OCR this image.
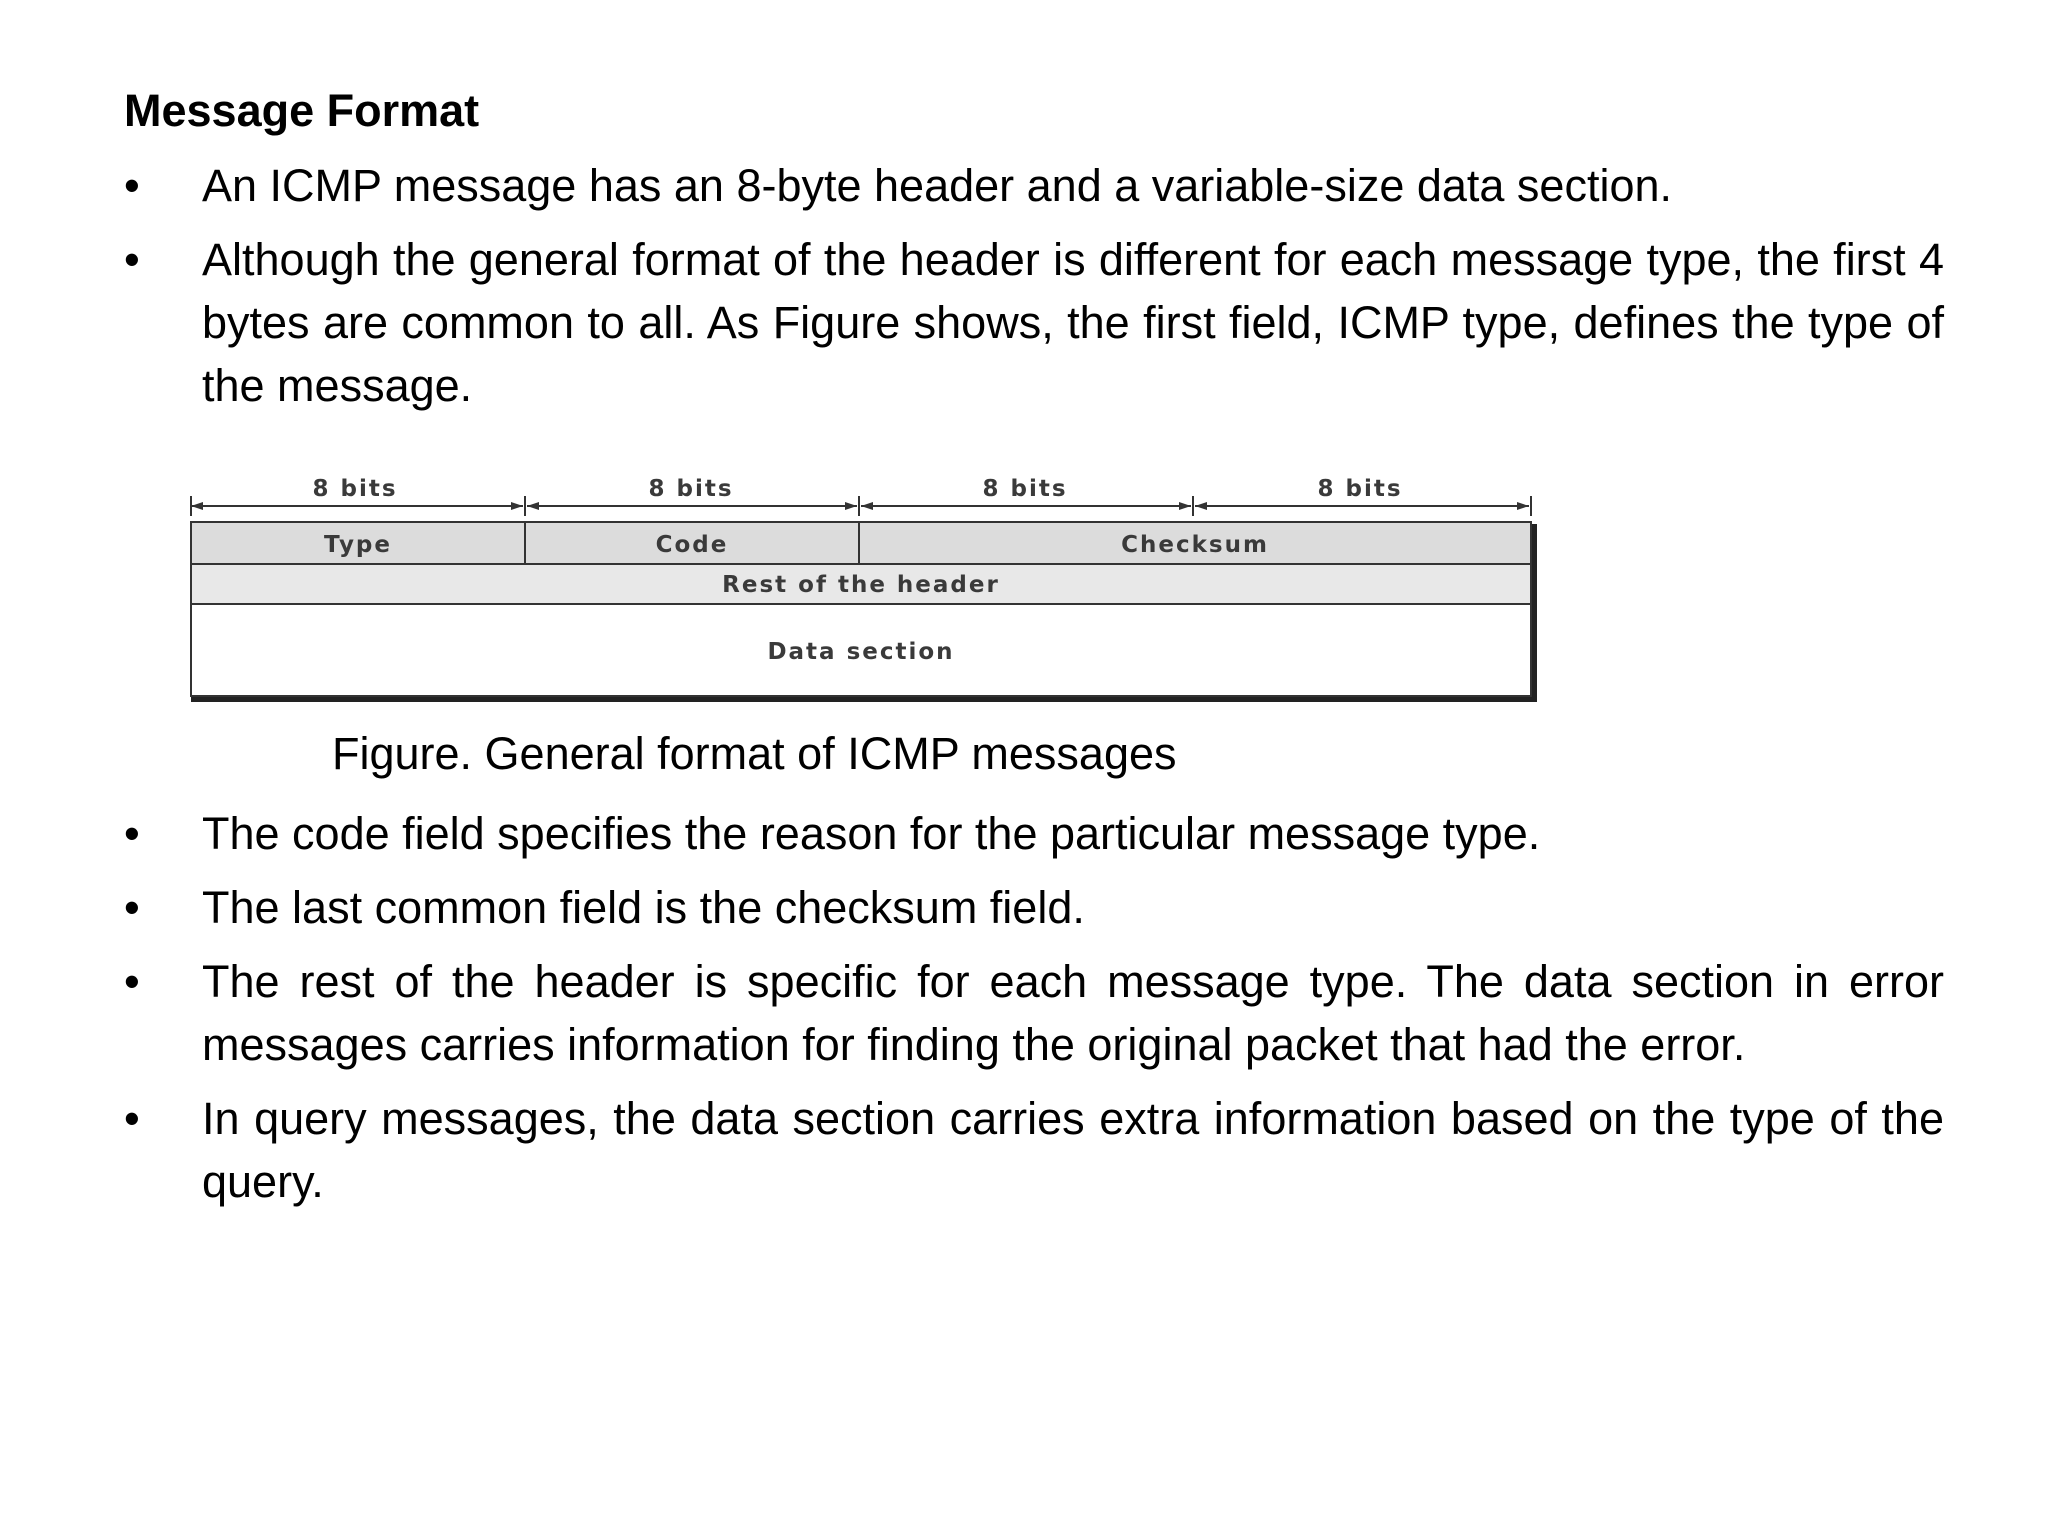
Message Format
•	An ICMP message has an 8-byte header and a variable-size data section.
•	Although the general format of the header is different for each message type, the first 4 bytes are common to all. As Figure shows, the first field, ICMP type, defines the type of the message.
8 bits	8 bits	8 bits	8 bits
Type	Code	Checksum
Rest of the header
Data section
Figure. General format of ICMP messages
•	The code field specifies the reason for the particular message type.
•	The last common field is the checksum field.
•	The rest of the header is specific for each message type. The data section in error messages carries information for finding the original packet that had the error.
•	In query messages, the data section carries extra information based on the type of the query.
